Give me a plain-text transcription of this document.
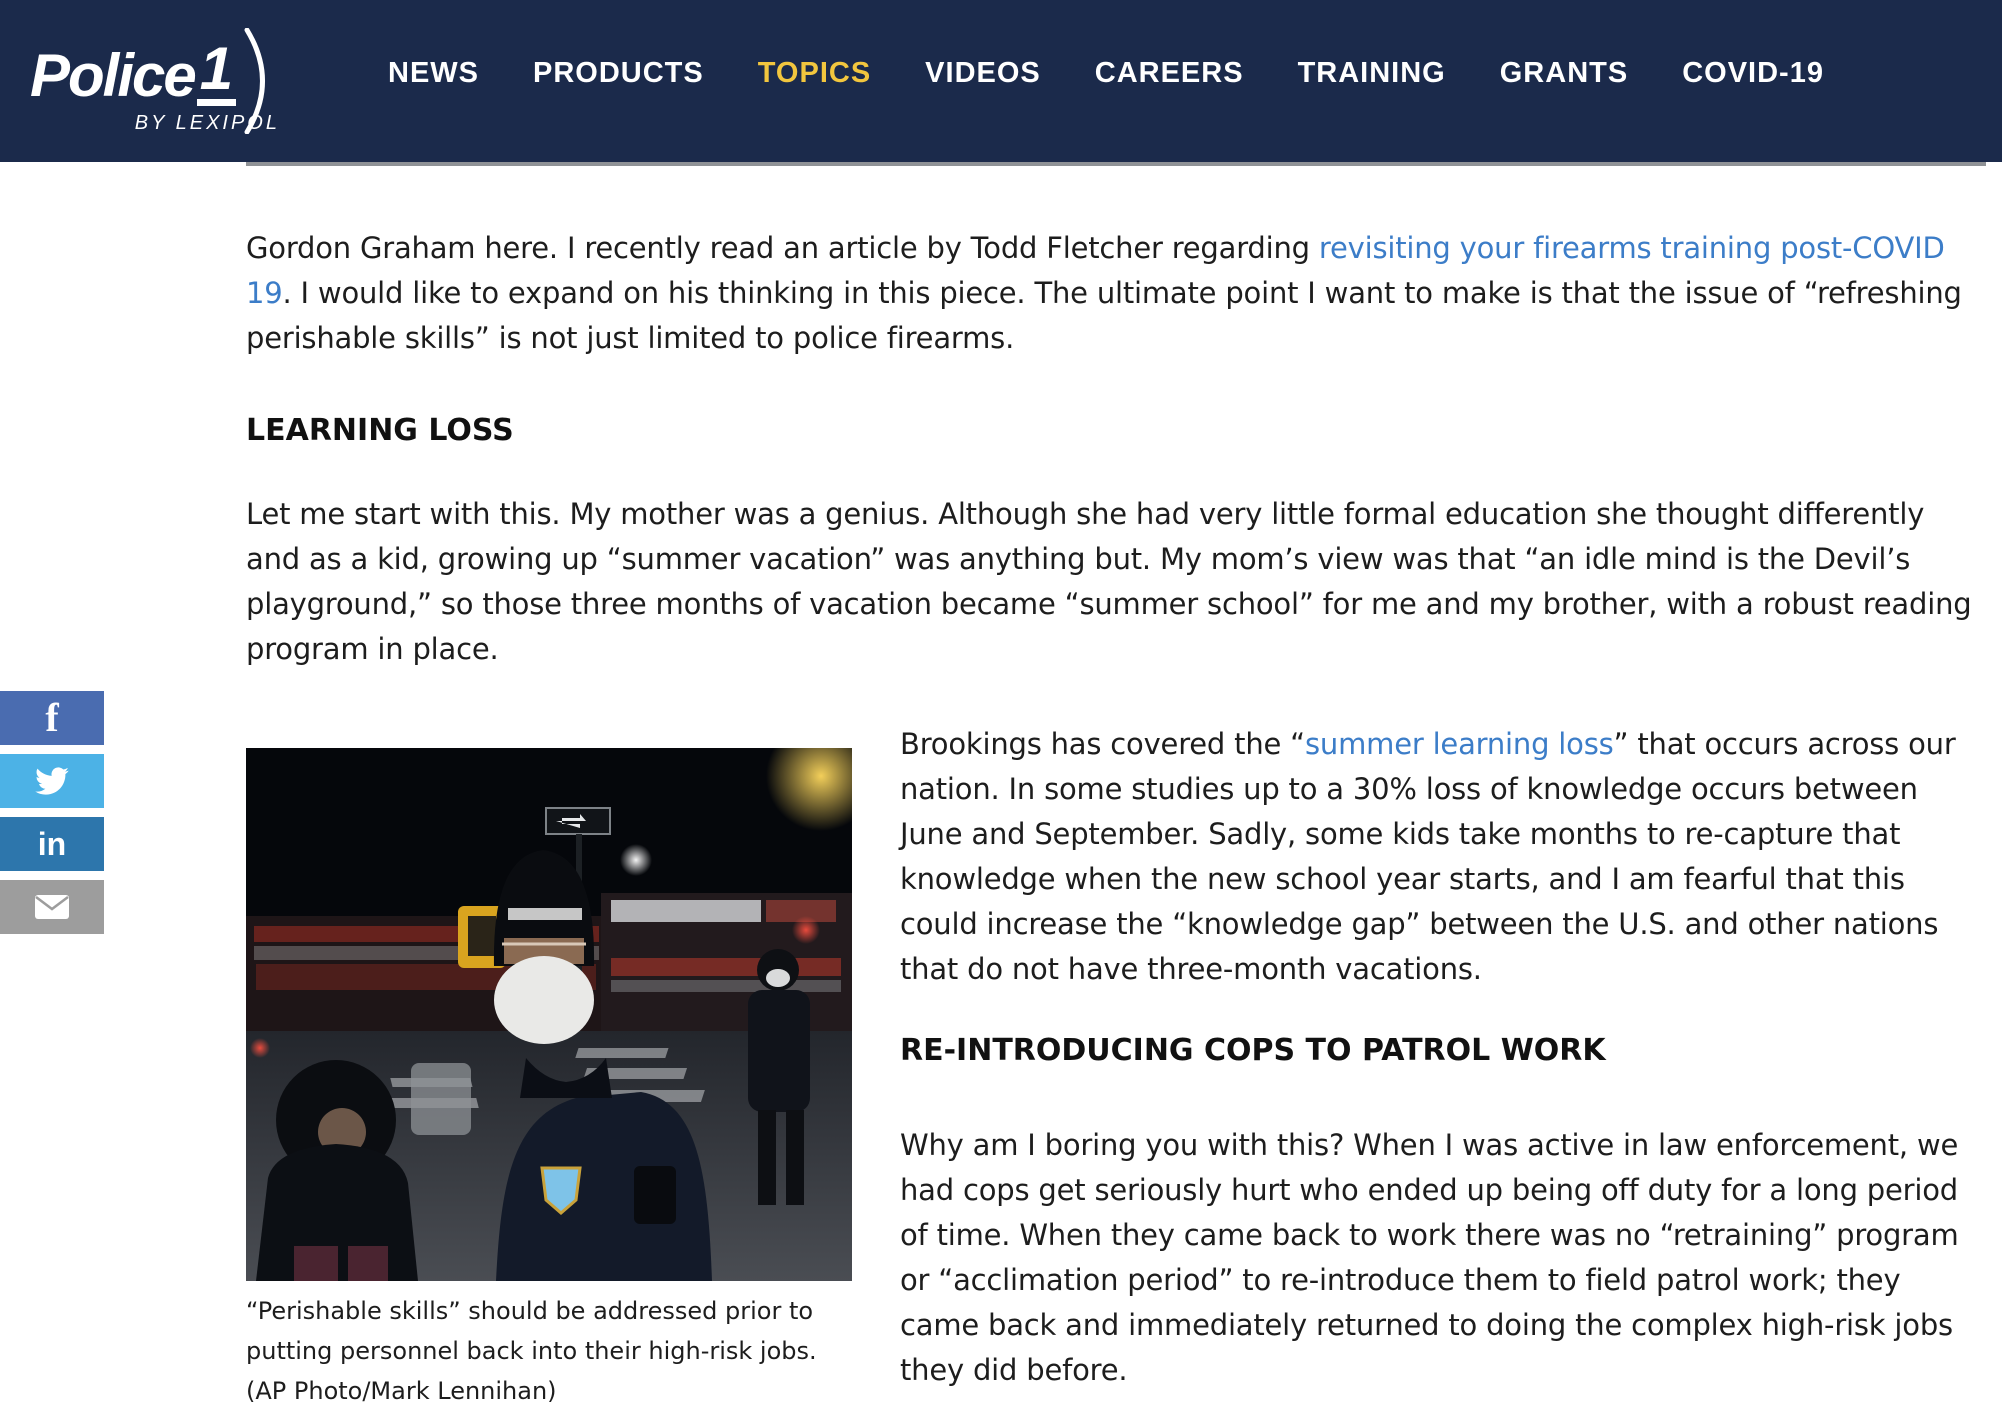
Police 1
BY LEXIPOL
NEWS PRODUCTS TOPICS VIDEOS CAREERS TRAINING GRANTS COVID-19
f
in

Gordon Graham here. I recently read an article by Todd Fletcher regarding revisiting your firearms training post-COVID 19. I would like to expand on his thinking in this piece. The ultimate point I want to make is that the issue of “refreshing perishable skills” is not just limited to police firearms.

LEARNING LOSS

Let me start with this. My mother was a genius. Although she had very little formal education she thought differently and as a kid, growing up “summer vacation” was anything but. My mom’s view was that “an idle mind is the Devil’s playground,” so those three months of vacation became “summer school” for me and my brother, with a robust reading program in place.

“Perishable skills” should be addressed prior to putting personnel back into their high-risk jobs. (AP Photo/Mark Lennihan)

Brookings has covered the “summer learning loss” that occurs across our nation. In some studies up to a 30% loss of knowledge occurs between June and September. Sadly, some kids take months to re-capture that knowledge when the new school year starts, and I am fearful that this could increase the “knowledge gap” between the U.S. and other nations that do not have three-month vacations.

RE-INTRODUCING COPS TO PATROL WORK

Why am I boring you with this? When I was active in law enforcement, we had cops get seriously hurt who ended up being off duty for a long period of time. When they came back to work there was no “retraining” program or “acclimation period” to re-introduce them to field patrol work; they came back and immediately returned to doing the complex high-risk jobs they did before.
